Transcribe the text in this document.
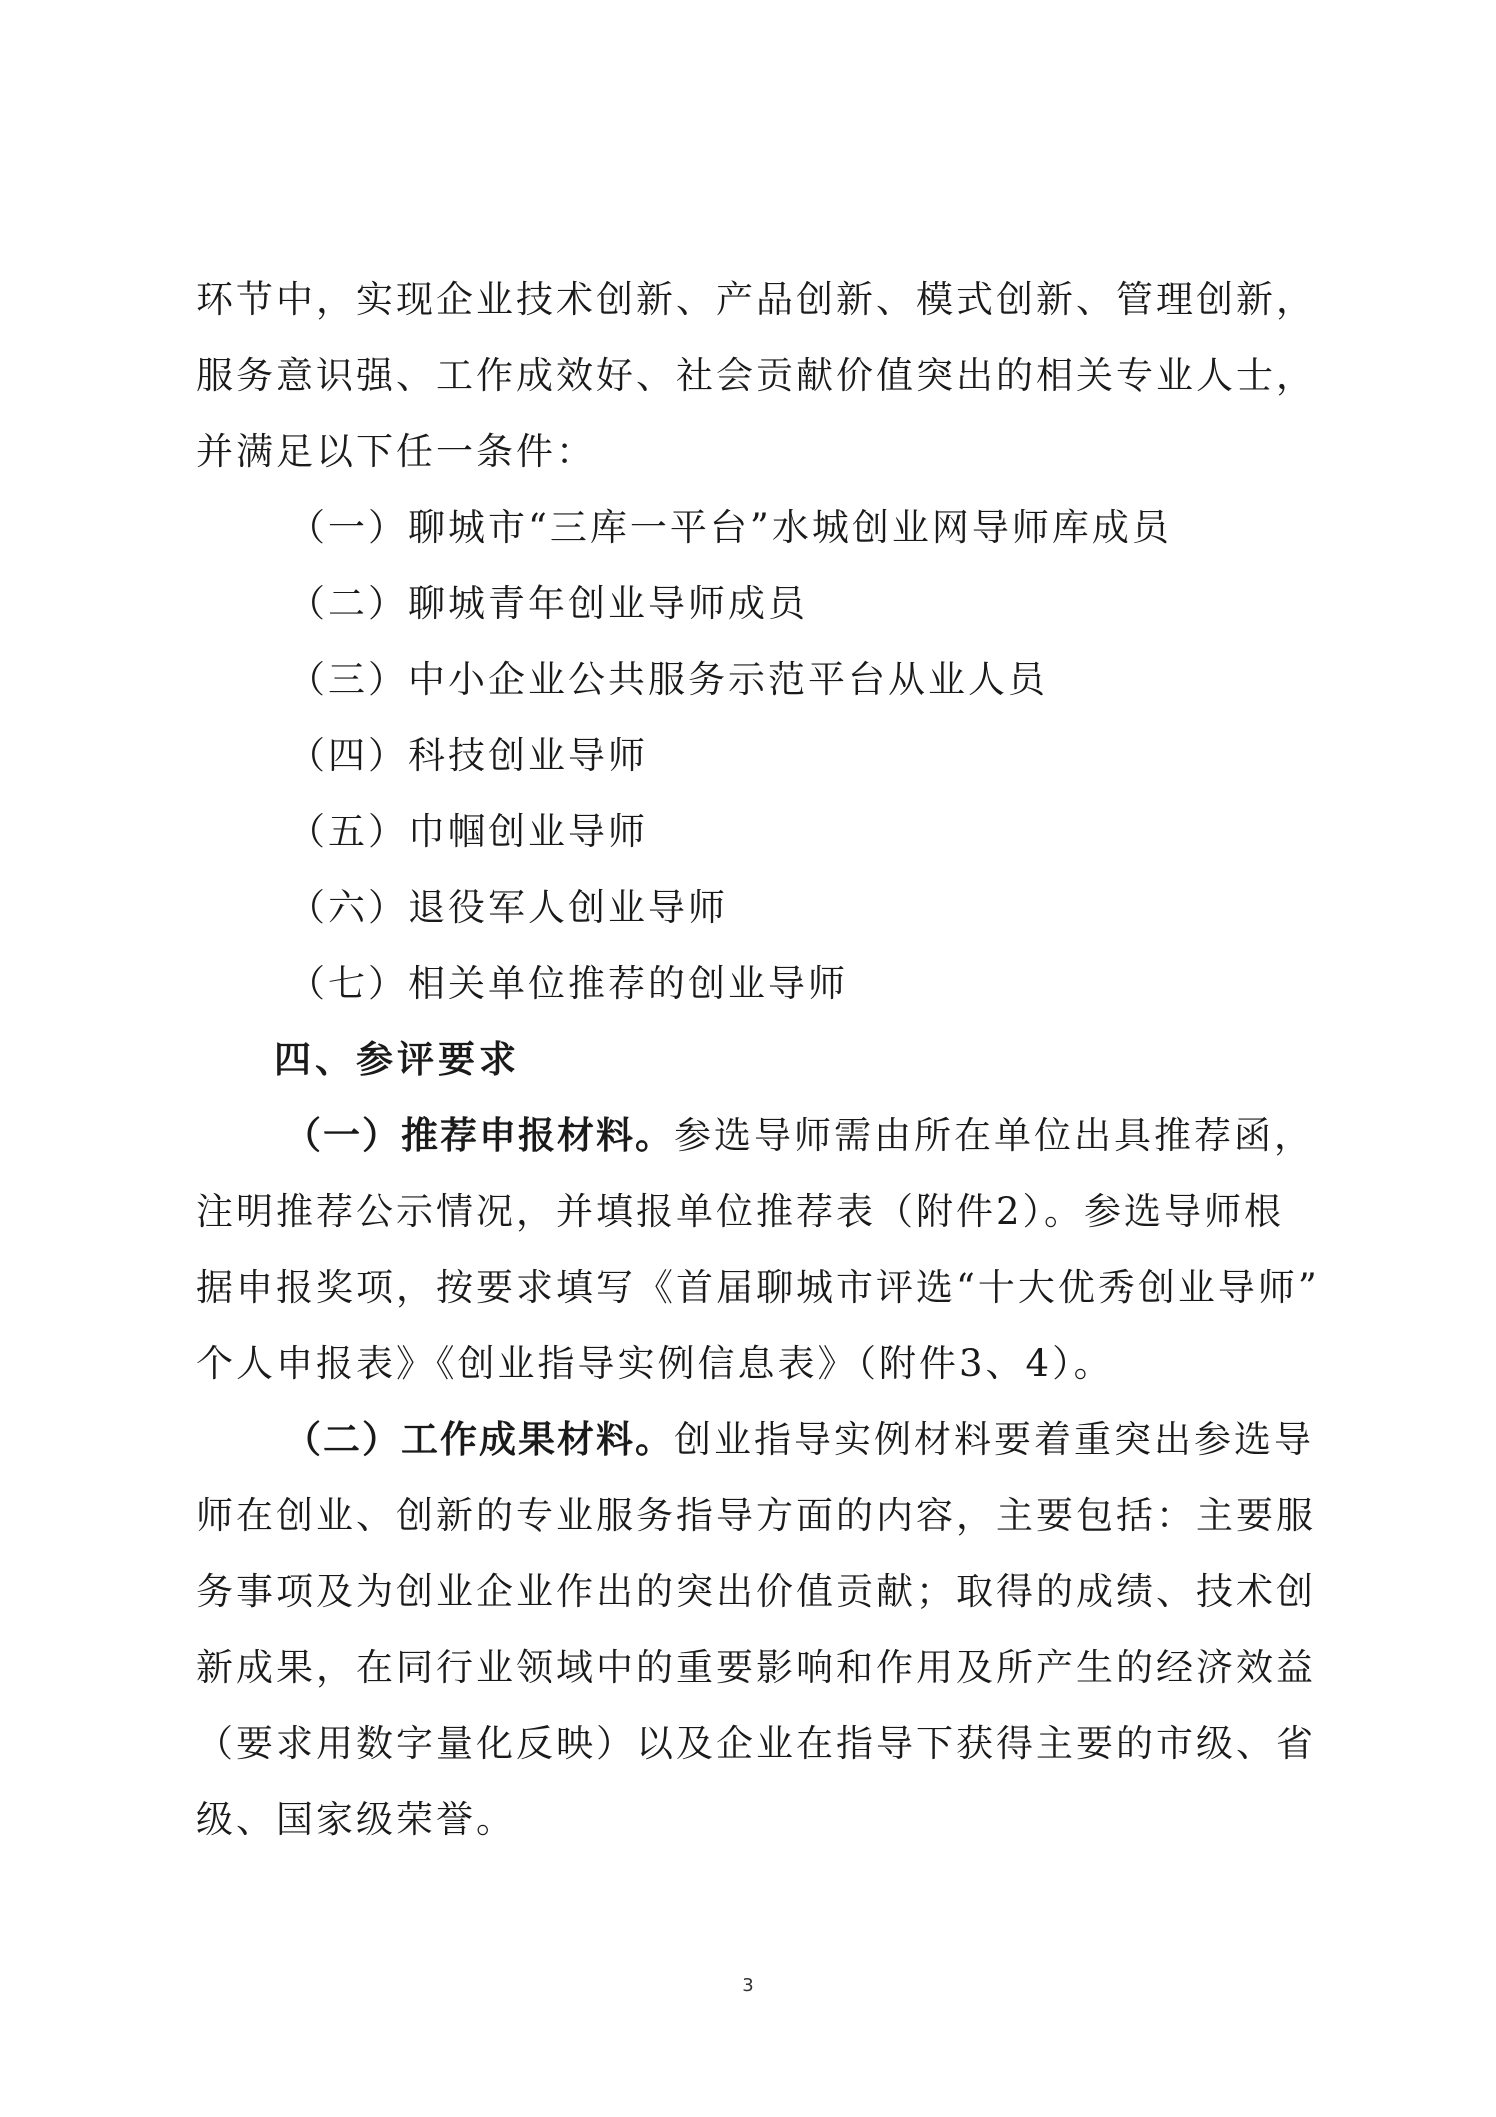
环节中，实现企业技术创新、产品创新、模式创新、管理创新，
服务意识强、工作成效好、社会贡献价值突出的相关专业人士，
并满足以下任一条件：
（一）聊城市“三库一平台”水城创业网导师库成员
（二）聊城青年创业导师成员
（三）中小企业公共服务示范平台从业人员
（四）科技创业导师
（五）巾帼创业导师
（六）退役军人创业导师
（七）相关单位推荐的创业导师
四、参评要求
（一）推荐申报材料。参选导师需由所在单位出具推荐函，
注明推荐公示情况，并填报单位推荐表（附件2）。参选导师根
据申报奖项，按要求填写《首届聊城市评选“十大优秀创业导师”
个人申报表》《创业指导实例信息表》（附件3、4）。
（二）工作成果材料。创业指导实例材料要着重突出参选导
师在创业、创新的专业服务指导方面的内容，主要包括：主要服
务事项及为创业企业作出的突出价值贡献；取得的成绩、技术创
新成果，在同行业领域中的重要影响和作用及所产生的经济效益
（要求用数字量化反映）以及企业在指导下获得主要的市级、省
级、国家级荣誉。
3
